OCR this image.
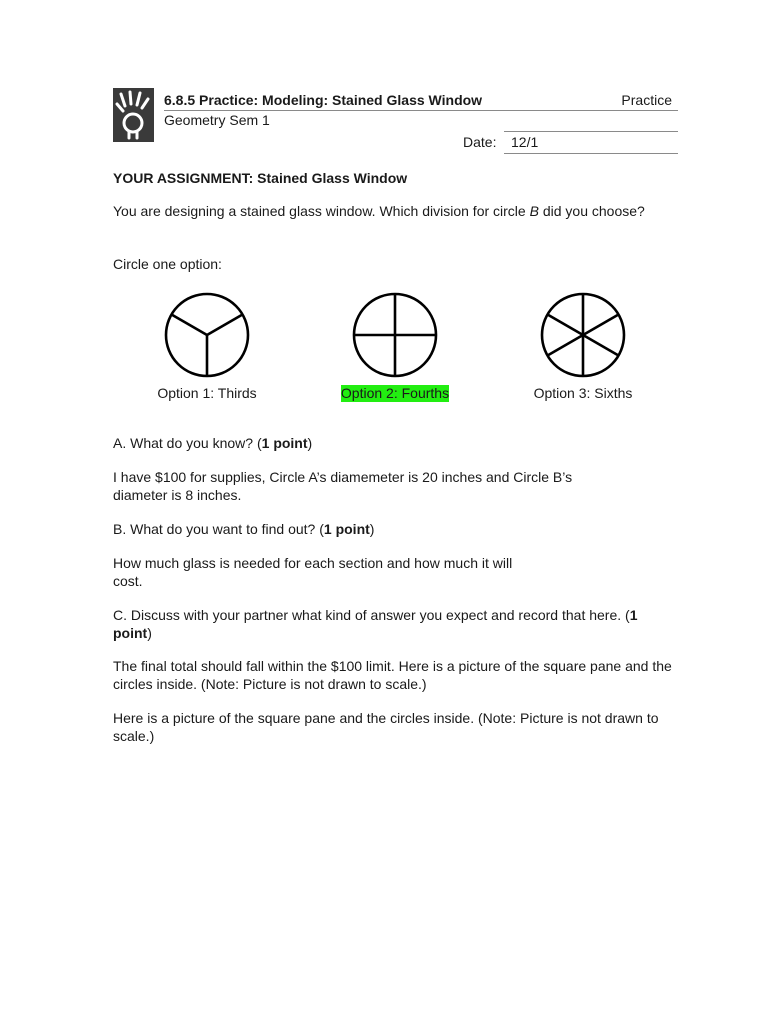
6.8.5 Practice: Modeling: Stained Glass Window	Practice
Geometry Sem 1
Date:	12/1
YOUR ASSIGNMENT: Stained Glass Window
You are designing a stained glass window. Which division for circle B did you choose?
Circle one option:
Option 1: Thirds	Option 2: Fourths	Option 3: Sixths
A. What do you know? (1 point)
I have $100 for supplies, Circle A’s diamemeter is 20 inches and Circle B’s diameter is 8 inches.
B. What do you want to find out? (1 point)
How much glass is needed for each section and how much it will
cost.
C. Discuss with your partner what kind of answer you expect and record that here. (1 point)
The final total should fall within the $100 limit. Here is a picture of the square pane and the circles inside. (Note: Picture is not drawn to scale.)
Here is a picture of the square pane and the circles inside. (Note: Picture is not drawn to scale.)
